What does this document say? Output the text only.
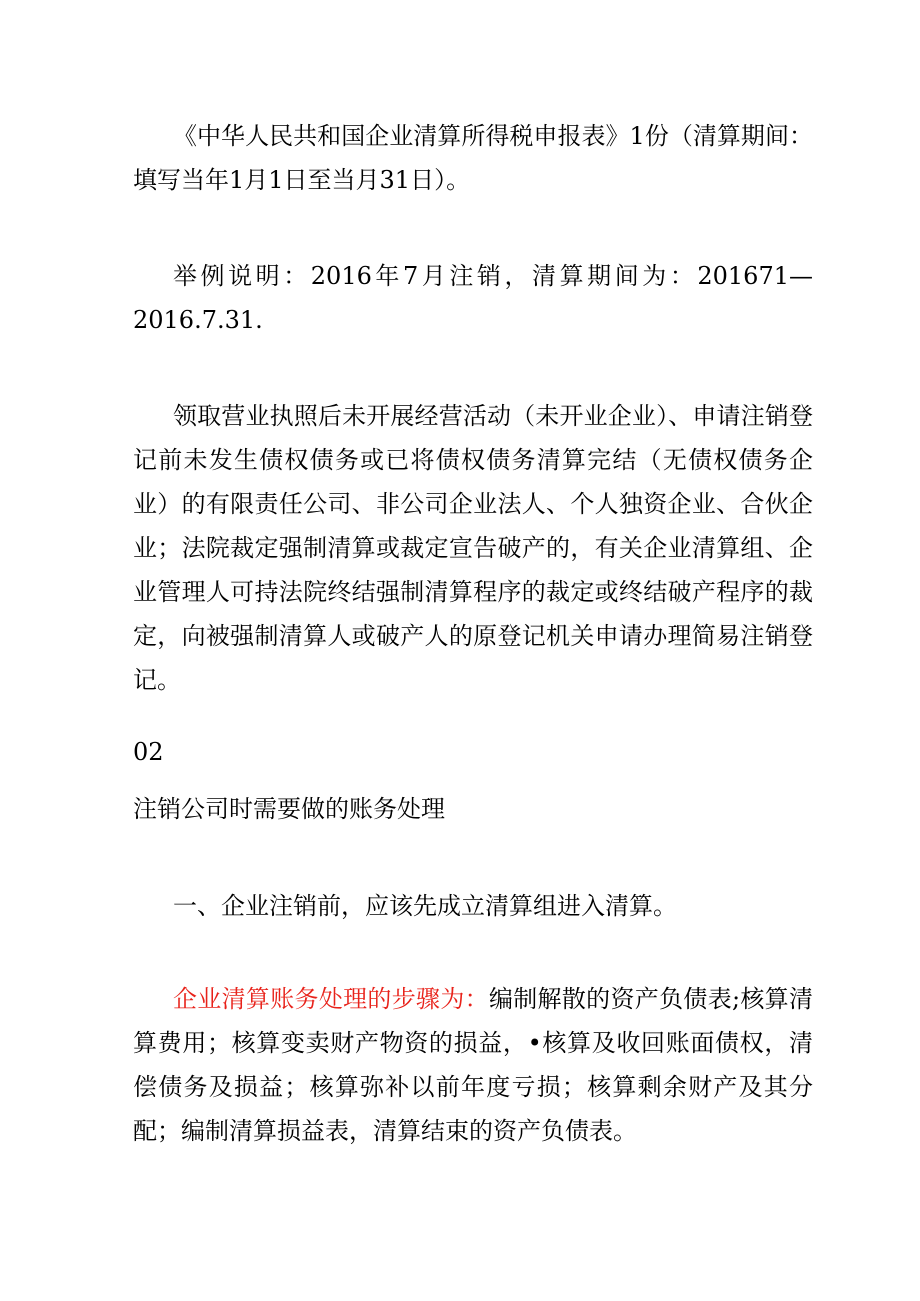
《中华人民共和国企业清算所得税申报表》1份（清算期间：填写当年1月1日至当月31日）。

举例说明：2016年7月注销，清算期间为：201671—2016.7.31.

领取营业执照后未开展经营活动（未开业企业）、申请注销登记前未发生债权债务或已将债权债务清算完结（无债权债务企业）的有限责任公司、非公司企业法人、个人独资企业、合伙企业；法院裁定强制清算或裁定宣告破产的，有关企业清算组、企业管理人可持法院终结强制清算程序的裁定或终结破产程序的裁定，向被强制清算人或破产人的原登记机关申请办理简易注销登记。

02

注销公司时需要做的账务处理

一、企业注销前，应该先成立清算组进入清算。

企业清算账务处理的步骤为：编制解散的资产负债表;核算清算费用；核算变卖财产物资的损益，•核算及收回账面债权，清偿债务及损益；核算弥补以前年度亏损；核算剩余财产及其分配；编制清算损益表，清算结束的资产负债表。
